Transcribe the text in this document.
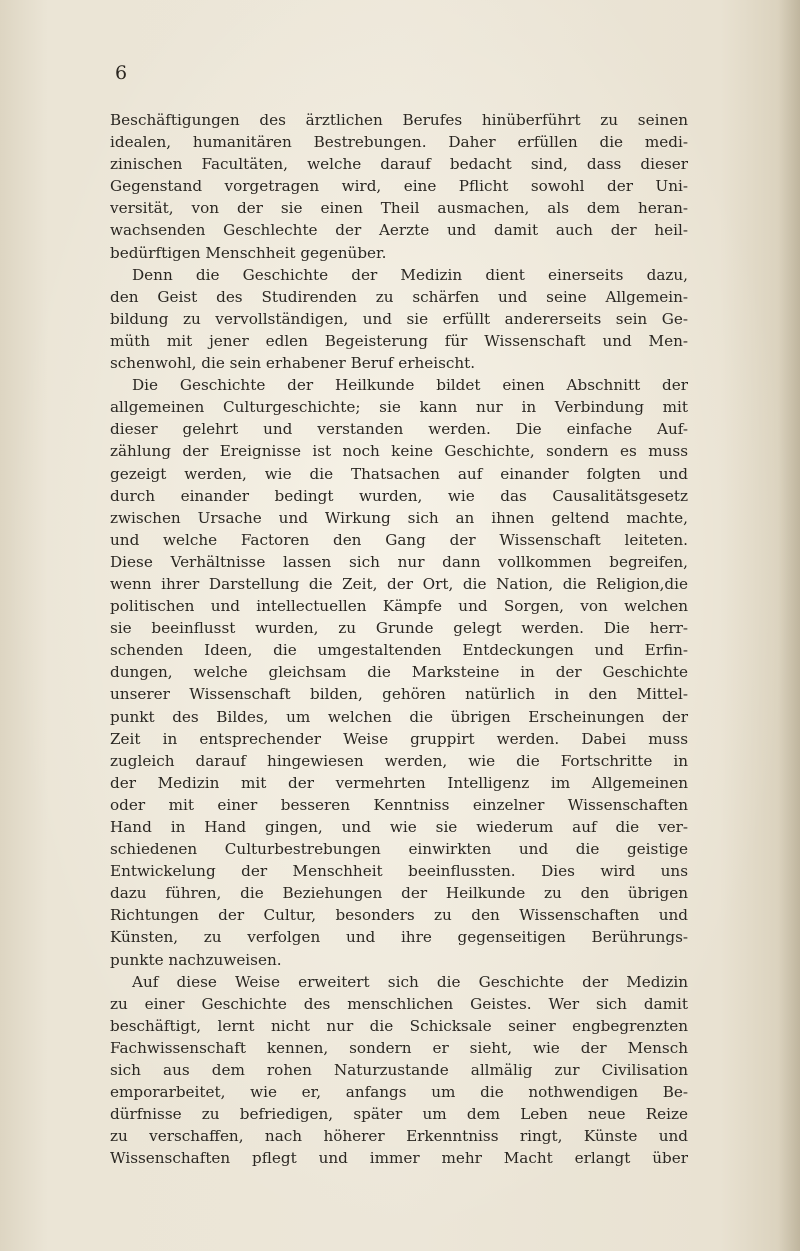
6
Beschäftigungen des ärztlichen Berufes hinüberführt zu seinen
idealen, humanitären Bestrebungen. Daher erfüllen die medi-
zinischen Facultäten, welche darauf bedacht sind, dass dieser
Gegenstand vorgetragen wird, eine Pflicht sowohl der Uni-
versität, von der sie einen Theil ausmachen, als dem heran-
wachsenden Geschlechte der Aerzte und damit auch der heil-
bedürftigen Menschheit gegenüber.
Denn die Geschichte der Medizin dient einerseits dazu,
den Geist des Studirenden zu schärfen und seine Allgemein-
bildung zu vervollständigen, und sie erfüllt andererseits sein Ge-
müth mit jener edlen Begeisterung für Wissenschaft und Men-
schenwohl, die sein erhabener Beruf erheischt.
Die Geschichte der Heilkunde bildet einen Abschnitt der
allgemeinen Culturgeschichte; sie kann nur in Verbindung mit
dieser gelehrt und verstanden werden. Die einfache Auf-
zählung der Ereignisse ist noch keine Geschichte, sondern es muss
gezeigt werden, wie die Thatsachen auf einander folgten und
durch einander bedingt wurden, wie das Causalitätsgesetz
zwischen Ursache und Wirkung sich an ihnen geltend machte,
und welche Factoren den Gang der Wissenschaft leiteten.
Diese Verhältnisse lassen sich nur dann vollkommen begreifen,
wenn ihrer Darstellung die Zeit, der Ort, die Nation, die Religion,die
politischen und intellectuellen Kämpfe und Sorgen, von welchen
sie beeinflusst wurden, zu Grunde gelegt werden. Die herr-
schenden Ideen, die umgestaltenden Entdeckungen und Erfin-
dungen, welche gleichsam die Marksteine in der Geschichte
unserer Wissenschaft bilden, gehören natürlich in den Mittel-
punkt des Bildes, um welchen die übrigen Erscheinungen der
Zeit in entsprechender Weise gruppirt werden. Dabei muss
zugleich darauf hingewiesen werden, wie die Fortschritte in
der Medizin mit der vermehrten Intelligenz im Allgemeinen
oder mit einer besseren Kenntniss einzelner Wissenschaften
Hand in Hand gingen, und wie sie wiederum auf die ver-
schiedenen Culturbestrebungen einwirkten und die geistige
Entwickelung der Menschheit beeinflussten. Dies wird uns
dazu führen, die Beziehungen der Heilkunde zu den übrigen
Richtungen der Cultur, besonders zu den Wissenschaften und
Künsten, zu verfolgen und ihre gegenseitigen Berührungs-
punkte nachzuweisen.
Auf diese Weise erweitert sich die Geschichte der Medizin
zu einer Geschichte des menschlichen Geistes. Wer sich damit
beschäftigt, lernt nicht nur die Schicksale seiner engbegrenzten
Fachwissenschaft kennen, sondern er sieht, wie der Mensch
sich aus dem rohen Naturzustande allmälig zur Civilisation
emporarbeitet, wie er, anfangs um die nothwendigen Be-
dürfnisse zu befriedigen, später um dem Leben neue Reize
zu verschaffen, nach höherer Erkenntniss ringt, Künste und
Wissenschaften pflegt und immer mehr Macht erlangt über
